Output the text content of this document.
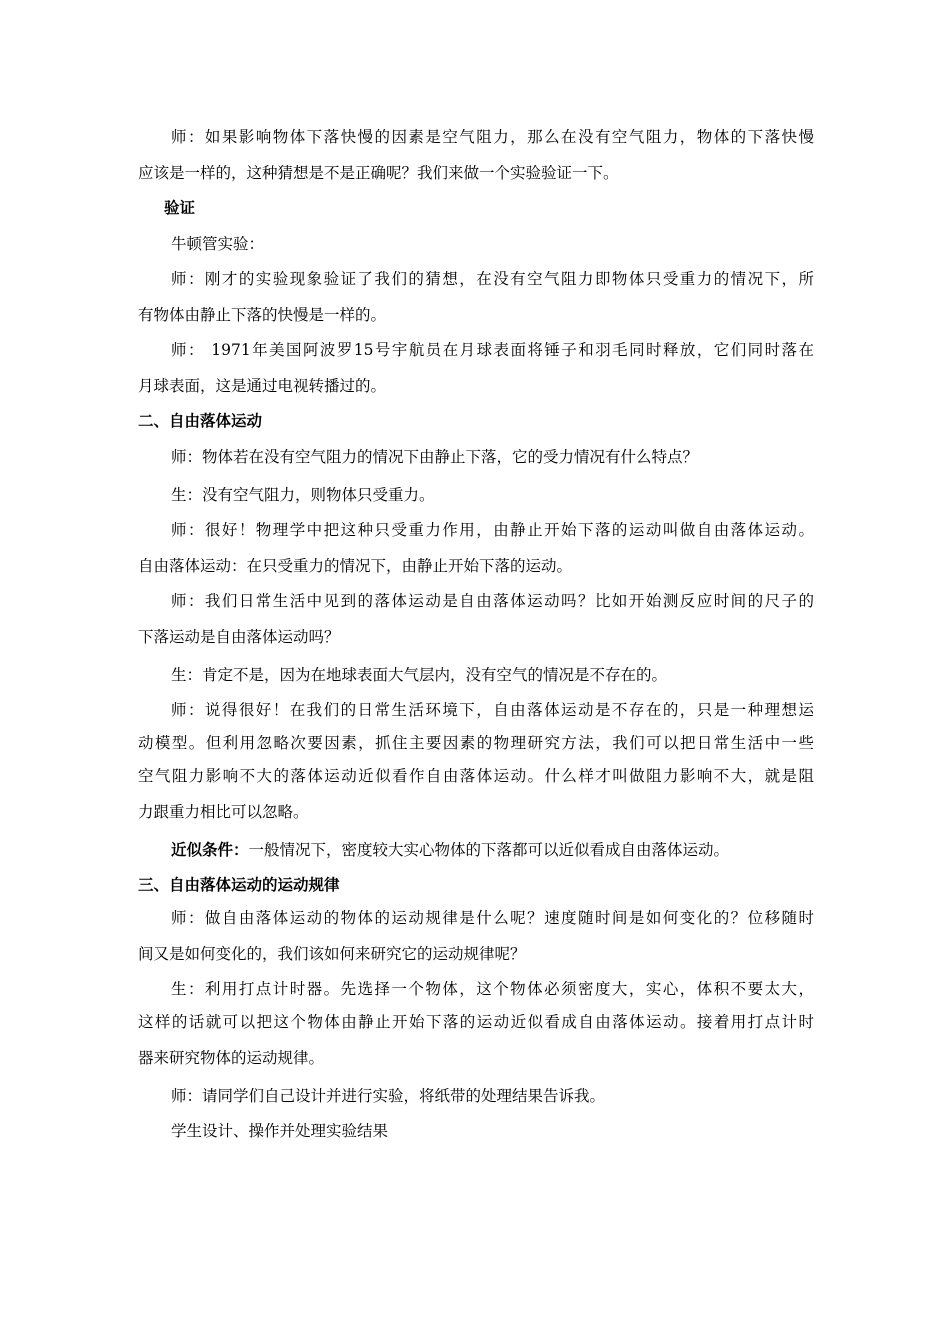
师：如果影响物体下落快慢的因素是空气阻力，那么在没有空气阻力，物体的下落快慢

应该是一样的，这种猜想是不是正确呢？我们来做一个实验验证一下。

验证

牛顿管实验：

师：刚才的实验现象验证了我们的猜想，在没有空气阻力即物体只受重力的情况下，所

有物体由静止下落的快慢是一样的。

师： 1971年美国阿波罗15号宇航员在月球表面将锤子和羽毛同时释放，它们同时落在

月球表面，这是通过电视转播过的。

二、自由落体运动

师：物体若在没有空气阻力的情况下由静止下落，它的受力情况有什么特点？

生：没有空气阻力，则物体只受重力。

师：很好！物理学中把这种只受重力作用，由静止开始下落的运动叫做自由落体运动。

自由落体运动：在只受重力的情况下，由静止开始下落的运动。

师：我们日常生活中见到的落体运动是自由落体运动吗？比如开始测反应时间的尺子的

下落运动是自由落体运动吗？

生：肯定不是，因为在地球表面大气层内，没有空气的情况是不存在的。

师：说得很好！在我们的日常生活环境下，自由落体运动是不存在的，只是一种理想运

动模型。但利用忽略次要因素，抓住主要因素的物理研究方法，我们可以把日常生活中一些

空气阻力影响不大的落体运动近似看作自由落体运动。什么样才叫做阻力影响不大，就是阻

力跟重力相比可以忽略。

近似条件：一般情况下，密度较大实心物体的下落都可以近似看成自由落体运动。

三、自由落体运动的运动规律

师：做自由落体运动的物体的运动规律是什么呢？速度随时间是如何变化的？位移随时

间又是如何变化的，我们该如何来研究它的运动规律呢？

生：利用打点计时器。先选择一个物体，这个物体必须密度大，实心，体积不要太大，

这样的话就可以把这个物体由静止开始下落的运动近似看成自由落体运动。接着用打点计时

器来研究物体的运动规律。

师：请同学们自己设计并进行实验，将纸带的处理结果告诉我。

学生设计、操作并处理实验结果
